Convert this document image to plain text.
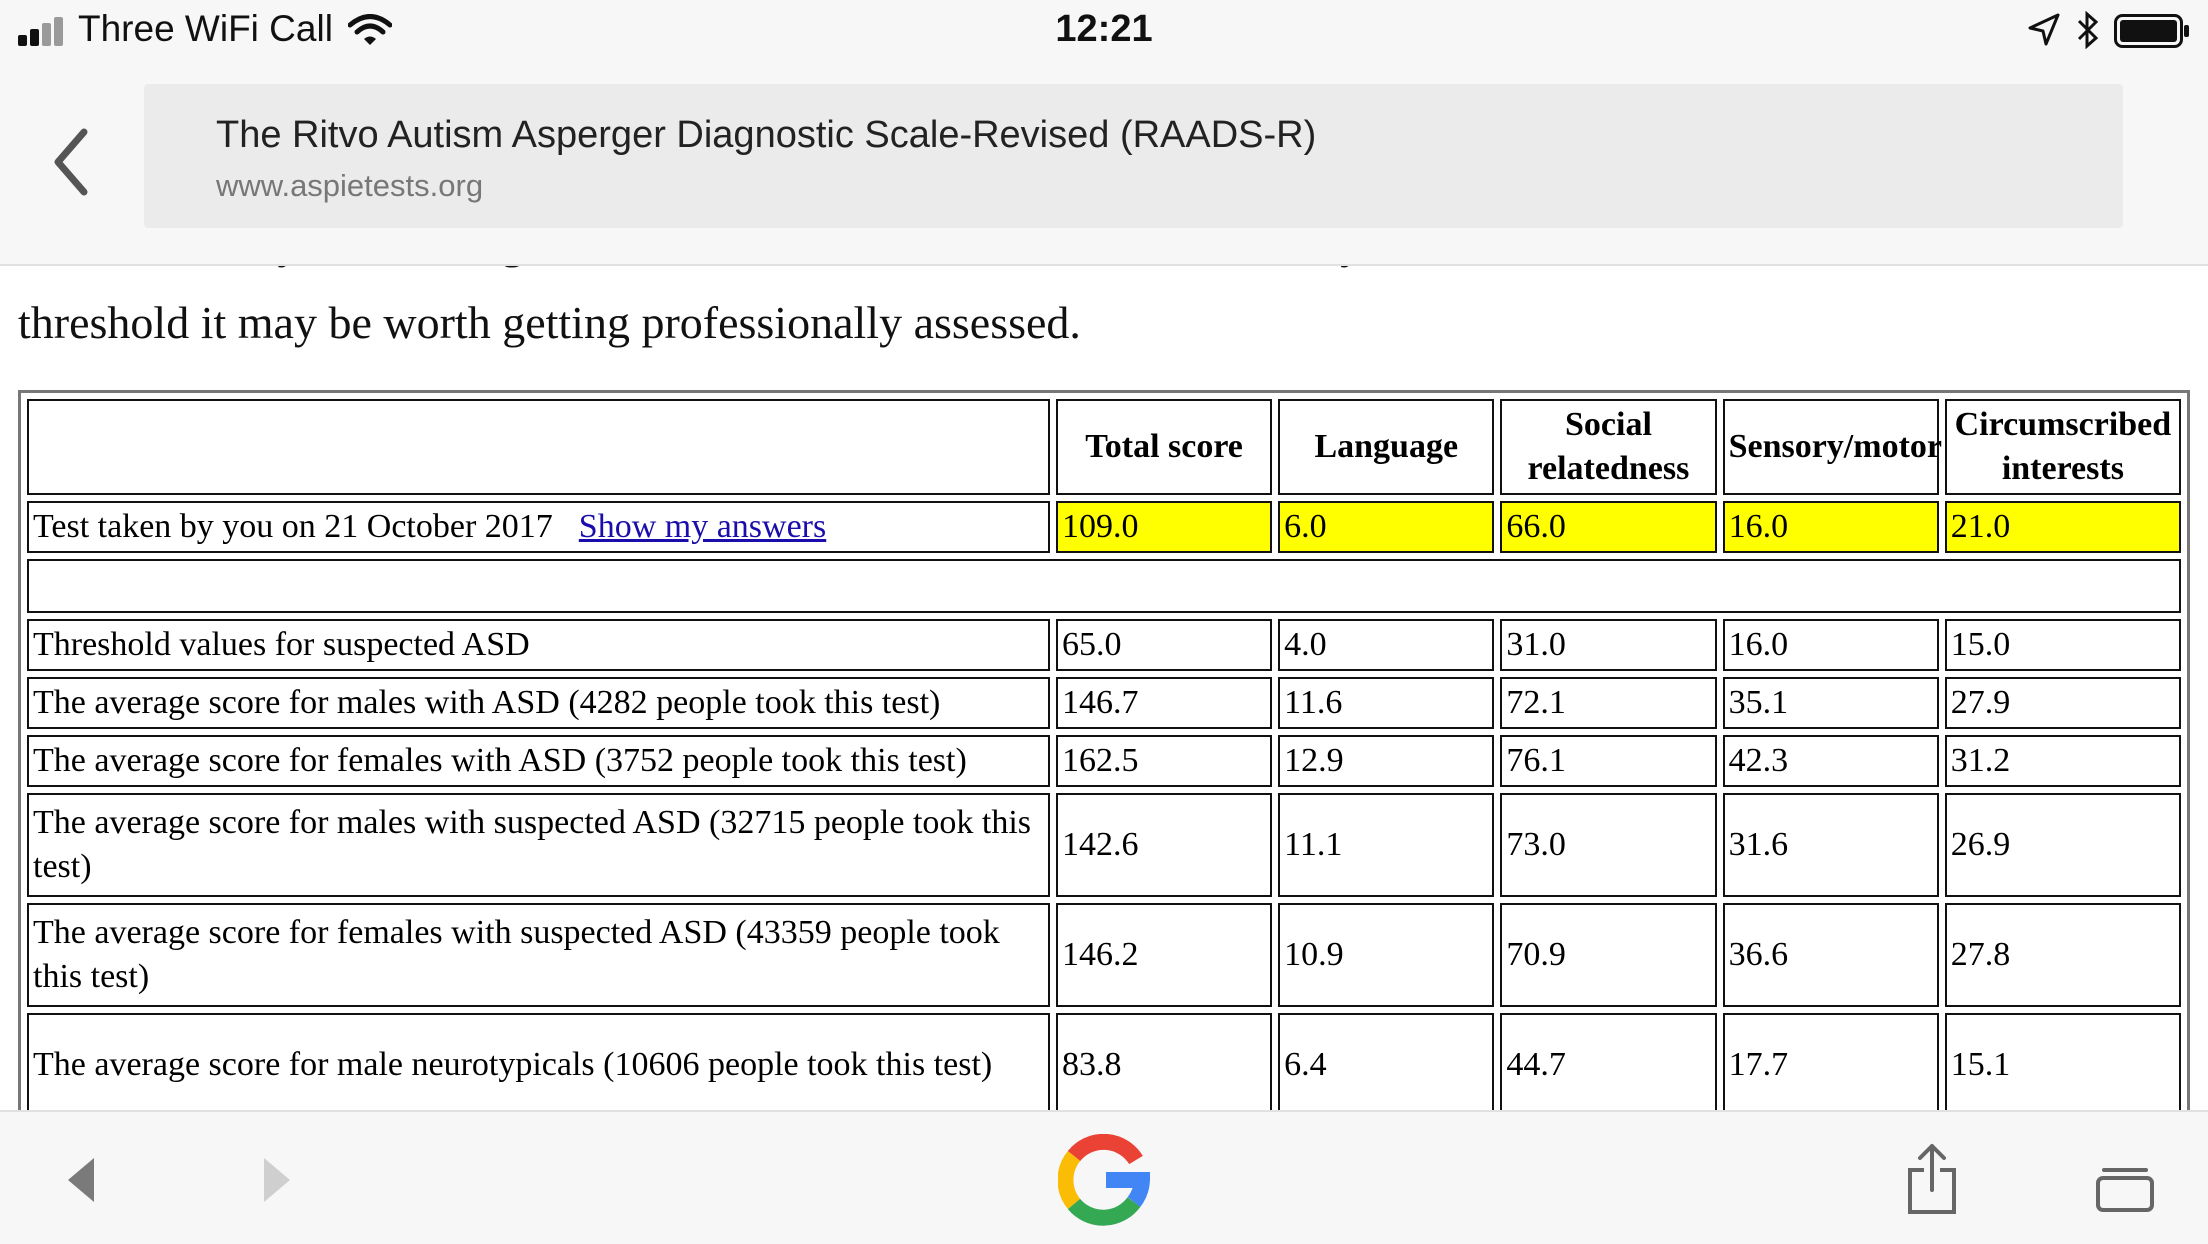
threshold it may be worth getting professionally assessed.

	Total score	Language	Social relatedness	Sensory/motor	Circumscribed interests
Test taken by you on 21 October 2017 Show my answers	109.0	6.0	66.0	16.0	21.0

Threshold values for suspected ASD	65.0	4.0	31.0	16.0	15.0
The average score for males with ASD (4282 people took this test)	146.7	11.6	72.1	35.1	27.9
The average score for females with ASD (3752 people took this test)	162.5	12.9	76.1	42.3	31.2
The average score for males with suspected ASD (32715 people took this test)	142.6	11.1	73.0	31.6	26.9
The average score for females with suspected ASD (43359 people took this test)	146.2	10.9	70.9	36.6	27.8
The average score for male neurotypicals (10606 people took this test)	83.8	6.4	44.7	17.7	15.1

Three WiFi Call	12:21
The Ritvo Autism Asperger Diagnostic Scale-Revised (RAADS-R)
www.aspietests.org
